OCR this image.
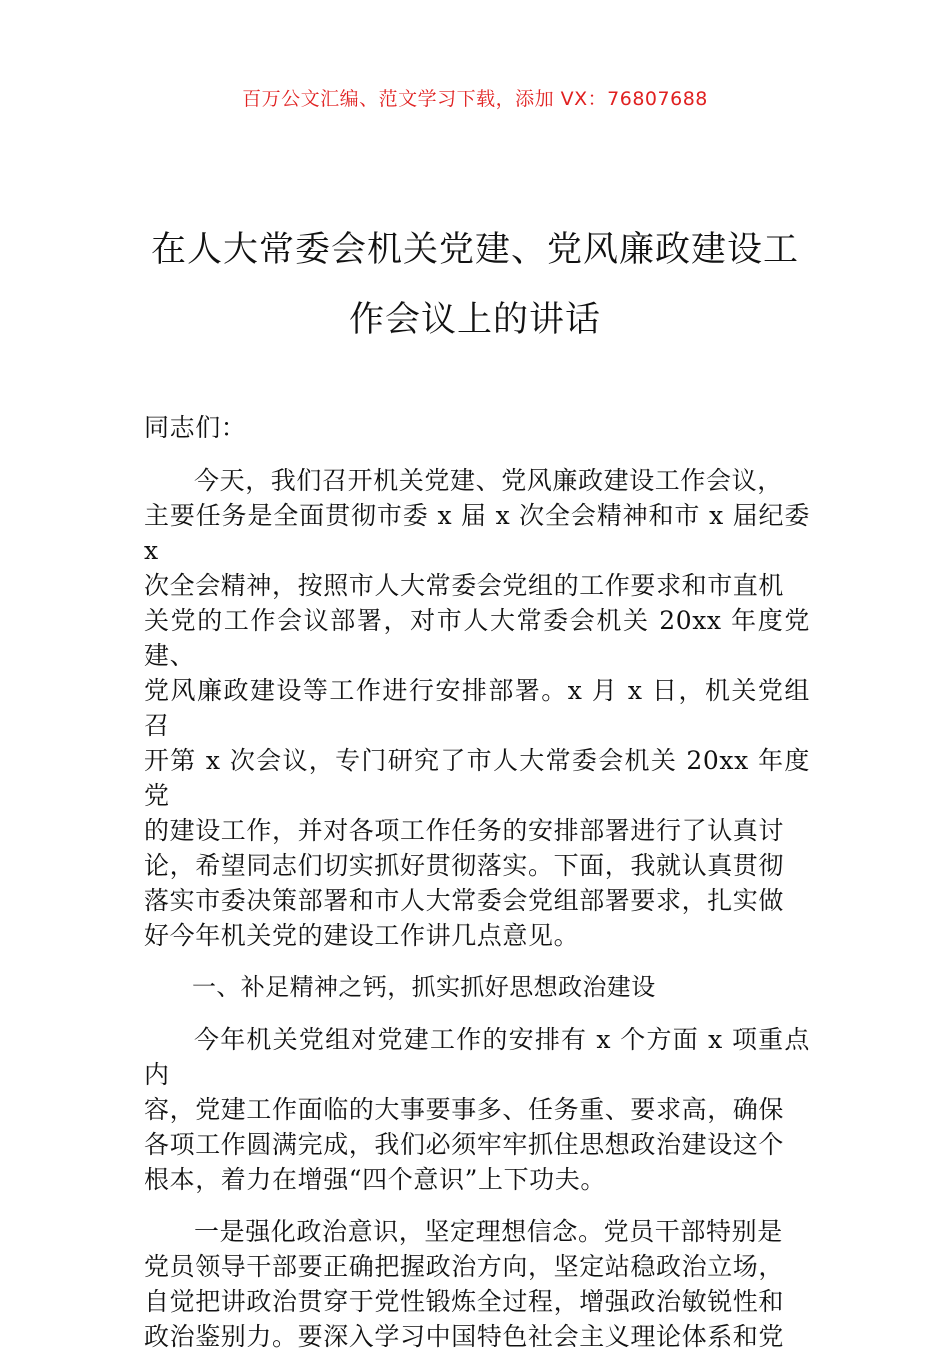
百万公文汇编、范文学习下载，添加 VX：76807688
在人大常委会机关党建、党风廉政建设工
作会议上的讲话

同志们：

今天，我们召开机关党建、党风廉政建设工作会议，
主要任务是全面贯彻市委 x 届 x 次全会精神和市 x 届纪委 x
次全会精神，按照市人大常委会党组的工作要求和市直机
关党的工作会议部署，对市人大常委会机关 20xx 年度党建、
党风廉政建设等工作进行安排部署。x 月 x 日，机关党组召
开第 x 次会议，专门研究了市人大常委会机关 20xx 年度党
的建设工作，并对各项工作任务的安排部署进行了认真讨
论，希望同志们切实抓好贯彻落实。下面，我就认真贯彻
落实市委决策部署和市人大常委会党组部署要求，扎实做
好今年机关党的建设工作讲几点意见。

一、补足精神之钙，抓实抓好思想政治建设

今年机关党组对党建工作的安排有 x 个方面 x 项重点内
容，党建工作面临的大事要事多、任务重、要求高，确保
各项工作圆满完成，我们必须牢牢抓住思想政治建设这个
根本，着力在增强“四个意识”上下功夫。

一是强化政治意识，坚定理想信念。党员干部特别是
党员领导干部要正确把握政治方向，坚定站稳政治立场，
自觉把讲政治贯穿于党性锻炼全过程，增强政治敏锐性和
政治鉴别力。要深入学习中国特色社会主义理论体系和党
